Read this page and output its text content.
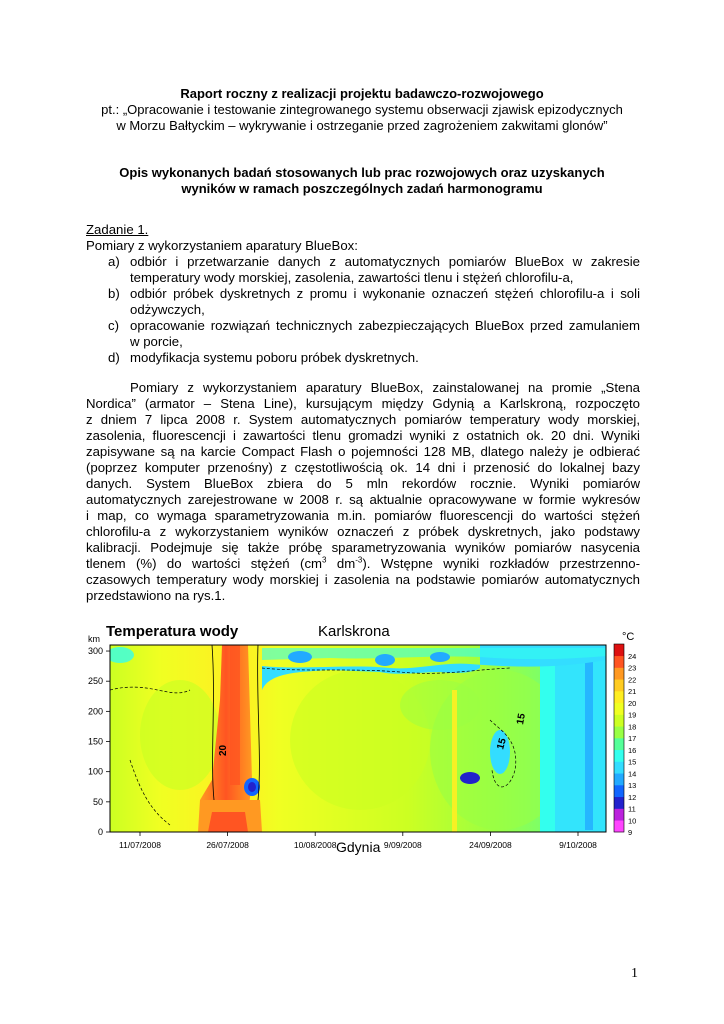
Raport roczny z realizacji projektu badawczo-rozwojowego
pt.: „Opracowanie i testowanie zintegrowanego systemu obserwacji zjawisk epizodycznych
w Morzu Bałtyckim – wykrywanie i ostrzeganie przed zagrożeniem zakwitami glonów”
Opis wykonanych badań stosowanych lub prac rozwojowych oraz uzyskanych
wyników w ramach poszczególnych zadań harmonogramu
Zadanie 1.
Pomiary z wykorzystaniem aparatury BlueBox:
a) odbiór i przetwarzanie danych z automatycznych pomiarów BlueBox w zakresie
temperatury wody morskiej, zasolenia, zawartości tlenu i stężeń chlorofilu-a,
b) odbiór próbek dyskretnych z promu i wykonanie oznaczeń stężeń chlorofilu-a i soli
odżywczych,
c) opracowanie rozwiązań technicznych zabezpieczających BlueBox przed zamulaniem
w porcie,
d) modyfikacja systemu poboru próbek dyskretnych.
Pomiary z wykorzystaniem aparatury BlueBox, zainstalowanej na promie „Stena
Nordica” (armator – Stena Line), kursującym między Gdynią a Karlskroną, rozpoczęto
z dniem 7 lipca 2008 r. System automatycznych pomiarów temperatury wody morskiej,
zasolenia, fluorescencji i zawartości tlenu gromadzi wyniki z ostatnich ok. 20 dni. Wyniki
zapisywane są na karcie Compact Flash o pojemności 128 MB, dlatego należy je odbierać
(poprzez komputer przenośny) z częstotliwością ok. 14 dni i przenosić do lokalnej bazy
danych. System BlueBox zbiera do 5 mln rekordów rocznie. Wyniki pomiarów
automatycznych zarejestrowane w 2008 r. są aktualnie opracowywane w formie wykresów
i map, co wymaga sparametryzowania m.in. pomiarów fluorescencji do wartości stężeń
chlorofilu-a z wykorzystaniem wyników oznaczeń z próbek dyskretnych, jako podstawy
kalibracji. Podejmuje się także próbę sparametryzowania wyników pomiarów nasycenia
tlenem (%) do wartości stężeń ($cm^3$ $dm^{-3}$). Wstępne wyniki rozkładów przestrzenno-
czasowych temperatury wody morskiej i zasolenia na podstawie pomiarów automatycznych
przedstawiono na rys.1.
Temperatura wody	Karlskrona
km	°C
20
15
15
0
50
100
150
200
250
300
11/07/2008	26/07/2008	10/08/2008	9/09/2008	24/09/2008	9/10/2008
Gdynia
9
10
11
12
13
14
15
16
17
18
19
20
21
22
23
24
1
